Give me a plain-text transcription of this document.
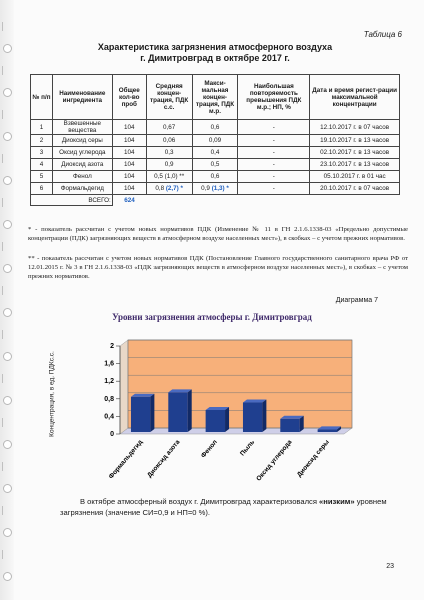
Таблица 6
Характеристика загрязнения атмосферного воздуха
г. Димитровград в октябре 2017 г.
№ п/п	Наименование ингредиента	Общее кол-во проб	Средняя концен-трация, ПДК с.с.	Макси-мальная концен-трация, ПДК м.р.	Наибольшая повторяемость превышения ПДК м.р.; НП, %	Дата и время регист-рации максимальной концентрации
1	Взвешенные вещества	104	0,67	0,6	-	12.10.2017 г. в 07 часов
2	Диоксид серы	104	0,06	0,09	-	19.10.2017 г. в 13 часов
3	Оксид углерода	104	0,3	0,4	-	02.10.2017 г. в 13 часов
4	Диоксид азота	104	0,9	0,5	-	23.10.2017 г. в 13 часов
5	Фенол	104	0,5 (1,0) **	0,6	-	05.10.2017 г. в 01 час
6	Формальдегид	104	0,8 (2,7) *	0,9 (1,3) *	-	20.10.2017 г. в 07 часов
ВСЕГО:		624				
* - показатель рассчитан с учетом новых нормативов ПДК (Изменение № 11 в ГН 2.1.6.1338-03 «Предельно допустимые концентрации (ПДК) загрязняющих веществ в атмосферном воздухе населенных мест»), в скобках – с учетом прежних нормативов.
** - показатель рассчитан с учетом новых нормативов ПДК (Постановление Главного государственного санитарного врача РФ от 12.01.2015 г. № 3 в ГН 2.1.6.1338-03 «ПДК загрязняющих веществ в атмосферном воздухе населенных мест»), в скобках – с учетом прежних нормативов.
Диаграмма 7
Уровни загрязнения атмосферы г. Димитровград
Концентрация, в ед. ПДКс.с.	0
0,4
0,8
1,2
1,6
2
Формальдегид Диоксид азота	Фенол	Пыль Оксид углерода Диоксид серы
В октябре атмосферный воздух г. Димитровград характеризовался «низким» уровнем
загрязнения (значение СИ=0,9 и НП=0 %).
23
